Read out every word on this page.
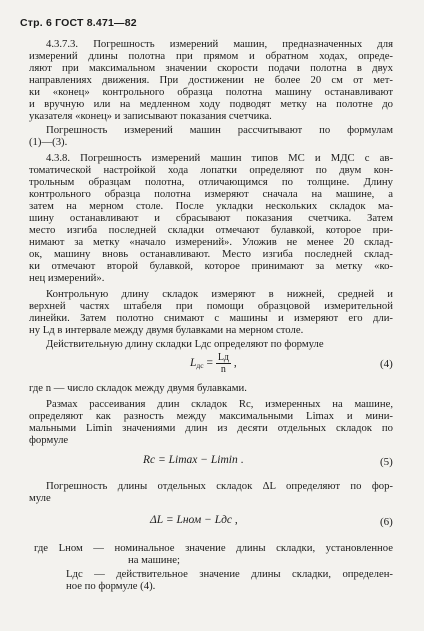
Стр. 6 ГОСТ 8.471—82
4.3.7.3. Погрешность измерений машин, предназначенных для
измерений длины полотна при прямом и обратном ходах, опреде-
ляют при максимальном значении скорости подачи полотна в двух
направлениях движения. При достижении не более 20 см от мет-
ки «конец» контрольного образца полотна машину останавливают
и вручную или на медленном ходу подводят метку на полотне до
указателя «конец» и записывают показания счетчика.
Погрешность измерений машин рассчитывают по формулам
(1)—(3).
4.3.8. Погрешность измерений машин типов МС и МДС с ав-
томатической настройкой хода лопатки определяют по двум кон-
трольным образцам полотна, отличающимся по толщине. Длину
контрольного образца полотна измеряют сначала на машине, а
затем на мерном столе. После укладки нескольких складок ма-
шину останавливают и сбрасывают показания счетчика. Затем
место изгиба последней складки отмечают булавкой, которое при-
нимают за метку «начало измерений». Уложив не менее 20 склад-
ок, машину вновь останавливают. Место изгиба последней склад-
ки отмечают второй булавкой, которое принимают за метку «ко-
нец измерений».
Контрольную длину складок измеряют в нижней, средней и
верхней частях штабеля при помощи образцовой измерительной
линейки. Затем полотно снимают с машины и измеряют его дли-
ну Lд в интервале между двумя булавками на мерном столе.
Действительную длину складки Lдс определяют по формуле
$L_{дс} = \frac{Lд}{n}$ ,	(4)
где n — число складок между двумя булавками.
Размах рассеивания длин складок Rс, измеренных на машине,
определяют как разность между максимальными Limax и мини-
мальными Limin значениями длин из десяти отдельных складок по
формуле
Rс = Limax − Limin .	(5)
Погрешность длины отдельных складок ΔL определяют по фор-
муле
ΔL = Lном − Lдс ,	(6)
где Lном — номинальное значение длины складки, установленное
на машине;
Lдс — действительное значение длины складки, определен-
ное по формуле (4).
